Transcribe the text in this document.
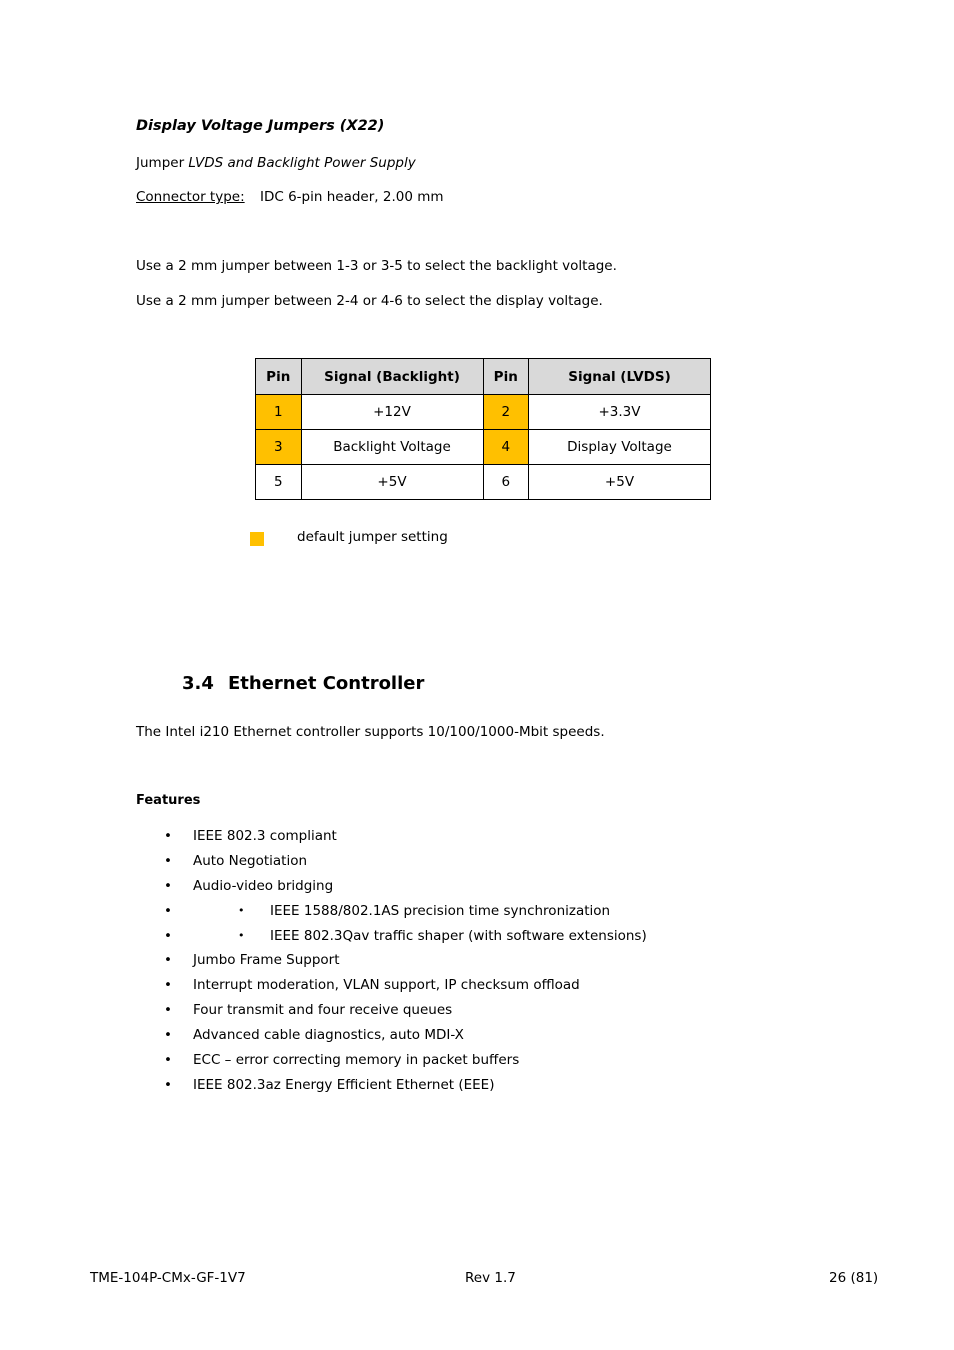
Display Voltage Jumpers (X22)
Jumper LVDS and Backlight Power Supply
Connector type: IDC 6-pin header, 2.00 mm
Use a 2 mm jumper between 1-3 or 3-5 to select the backlight voltage.
Use a 2 mm jumper between 2-4 or 4-6 to select the display voltage.
Pin	Signal (Backlight)	Pin	Signal (LVDS)
1	+12V	2	+3.3V
3	Backlight Voltage	4	Display Voltage
5	+5V	6	+5V
default jumper setting
3.4 Ethernet Controller
The Intel i210 Ethernet controller supports 10/100/1000-Mbit speeds.
Features
• IEEE 802.3 compliant
• Auto Negotiation
• Audio-video bridging
•	• IEEE 1588/802.1AS precision time synchronization
•	• IEEE 802.3Qav traffic shaper (with software extensions)
• Jumbo Frame Support
• Interrupt moderation, VLAN support, IP checksum offload
• Four transmit and four receive queues
• Advanced cable diagnostics, auto MDI-X
• ECC – error correcting memory in packet buffers
• IEEE 802.3az Energy Efficient Ethernet (EEE)
TME-104P-CMx-GF-1V7	Rev 1.7	26 (81)
